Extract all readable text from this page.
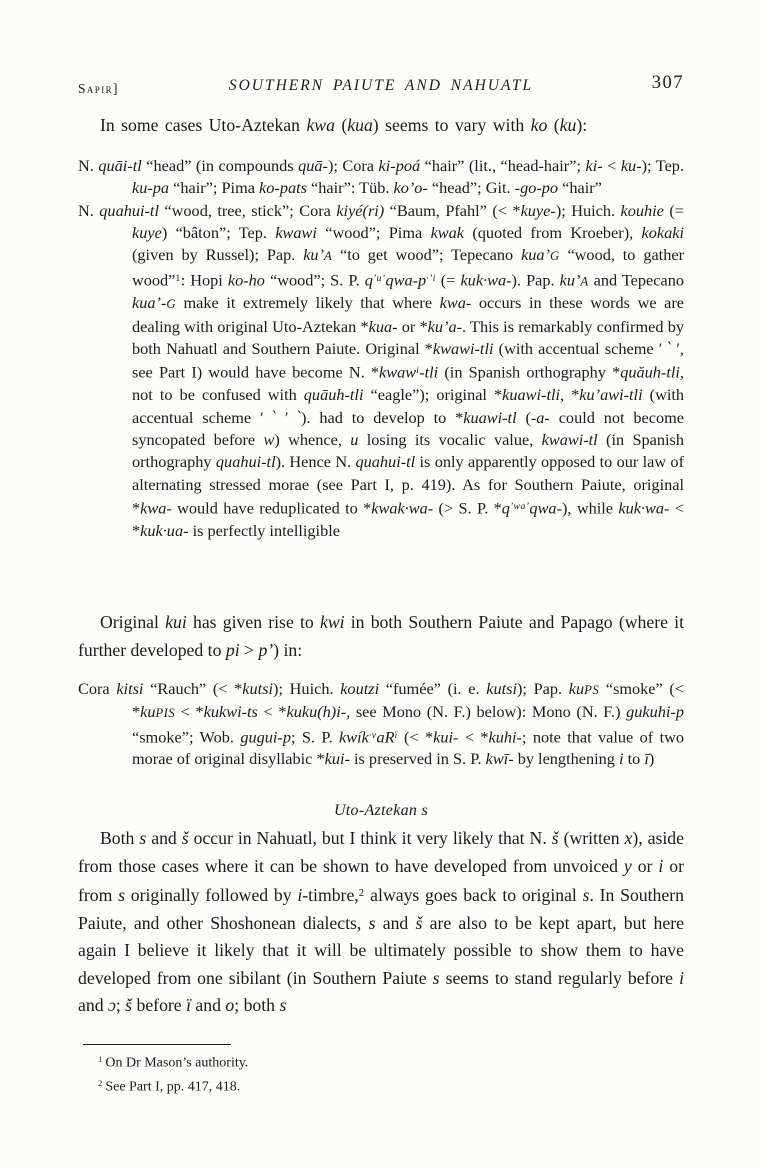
Sapir]	SOUTHERN PAIUTE AND NAHUATL	307

In some cases Uto-Aztekan kwa (kua) seems to vary with ko (ku):

N. quāi-tl “head” (in compounds quā-); Cora ki-poá “hair” (lit., “head-hair”; ki- < ku-); Tep. ku-pa “hair”; Pima ko-pats “hair”: Tüb. ko’o- “head”; Git. -go-po “hair”

N. quahui-tl “wood, tree, stick”; Cora kiyé(ri) “Baum, Pfahl” (< *kuye-); Huich. kouhie (= kuye) “bâton”; Tep. kwawi “wood”; Pima kwak (quoted from Kroeber), kokaki (given by Russel); Pap. ku’A “to get wood”; Tepecano kua’G “wood, to gather wood”$^1$: Hopi ko-ho “wood”; S. P. $q^{’u’}qwa-p^{\cdot’i}$ (= kuk·wa-). Pap. ku’A and Tepecano kua’-G make it extremely likely that where kwa- occurs in these words we are dealing with original Uto-Aztekan *kua- or *ku’a-. This is remarkably confirmed by both Nahuatl and Southern Paiute. Original *kwawi-tli (with accentual scheme ′ ‵ ′, see Part I) would have become N. *kwaw$^i$-tli (in Spanish orthography *quăuh-tli, not to be confused with quāuh-tli “eagle”); original *kuawi-tli, *ku’awi-tli (with accentual scheme ′ ‵ ′ ‵). had to develop to *kuawi-tl (-a- could not become syncopated before w) whence, u losing its vocalic value, kwawi-tl (in Spanish orthography quahui-tl). Hence N. quahui-tl is only apparently opposed to our law of alternating stressed morae (see Part I, p. 419). As for Southern Paiute, original *kwa- would have reduplicated to *kwak·wa- (> S. P. $*q^{’wa’}qwa-$), while kuk·wa- < *kuk·ua- is perfectly intelligible

Original kui has given rise to kwi in both Southern Paiute and Papago (where it further developed to pi > p’) in:

Cora kitsi “Rauch” (< *kutsi); Huich. koutzi “fumée” (i. e. kutsi); Pap. kuPS “smoke” (< *kuPIS < *kukwi-ts < *kuku(h)i-, see Mono (N. F.) below): Mono (N. F.) gukuhi-p “smoke”; Wob. gugui-p; S. P. $kwík^{\cdot v}aR^ï$ (< *kui- < *kuhi-; note that value of two morae of original disyllabic *kui- is preserved in S. P. kwī- by lengthening i to ī)

Uto-Aztekan s

Both s and š occur in Nahuatl, but I think it very likely that N. š (written x), aside from those cases where it can be shown to have developed from unvoiced y or i or from s originally followed by i-timbre,$^2$ always goes back to original s. In Southern Paiute, and other Shoshonean dialects, s and š are also to be kept apart, but here again I believe it likely that it will be ultimately possible to show them to have developed from one sibilant (in Southern Paiute s seems to stand regularly before i and ɔ; š before ï and o; both s

$^1$ On Dr Mason’s authority.

$^2$ See Part I, pp. 417, 418.
